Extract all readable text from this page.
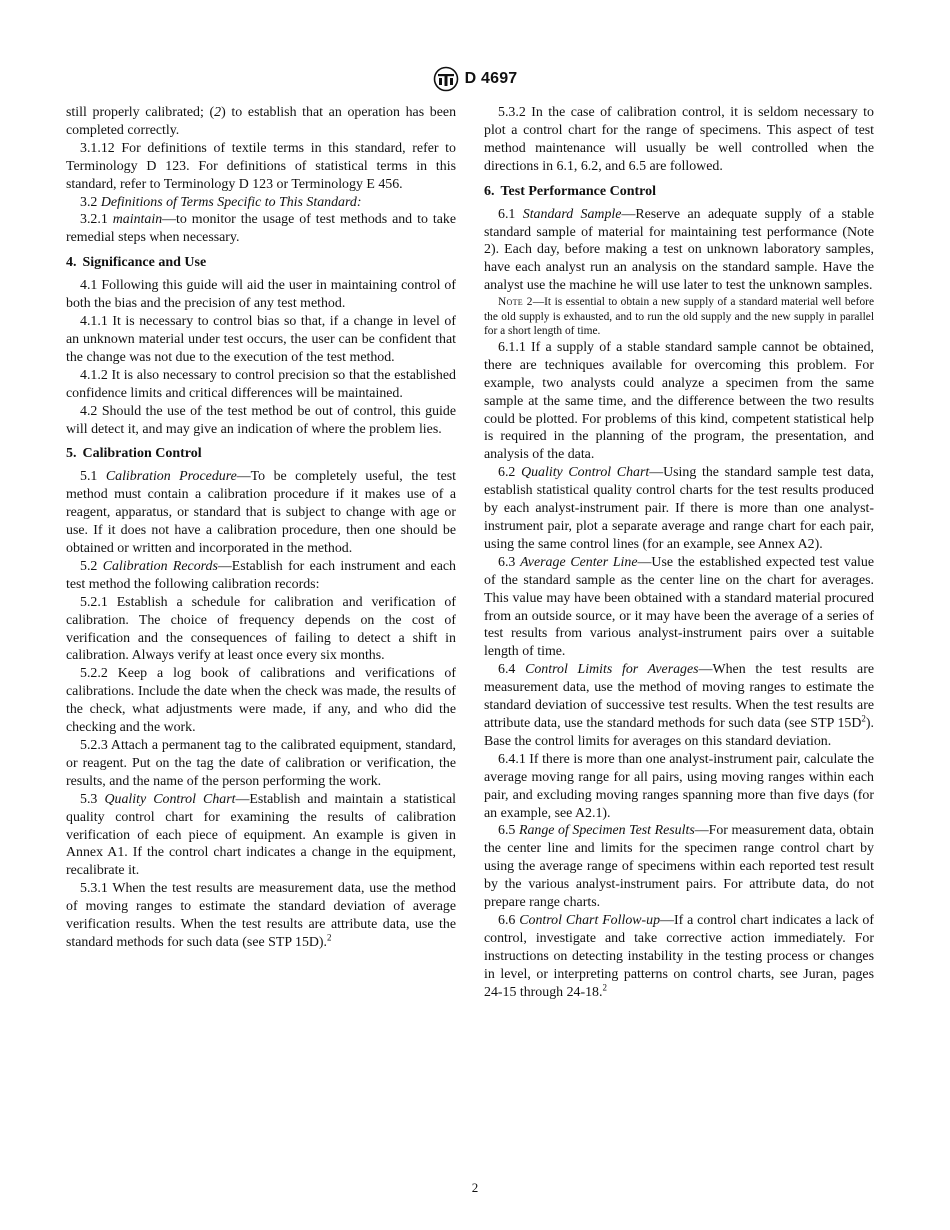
D 4697

still properly calibrated; (2) to establish that an operation has been completed correctly.

3.1.12 For definitions of textile terms in this standard, refer to Terminology D 123. For definitions of statistical terms in this standard, refer to Terminology D 123 or Terminology E 456.

3.2 Definitions of Terms Specific to This Standard:

3.2.1 maintain—to monitor the usage of test methods and to take remedial steps when necessary.

4. Significance and Use

4.1 Following this guide will aid the user in maintaining control of both the bias and the precision of any test method.

4.1.1 It is necessary to control bias so that, if a change in level of an unknown material under test occurs, the user can be confident that the change was not due to the execution of the test method.

4.1.2 It is also necessary to control precision so that the established confidence limits and critical differences will be maintained.

4.2 Should the use of the test method be out of control, this guide will detect it, and may give an indication of where the problem lies.

5. Calibration Control

5.1 Calibration Procedure—To be completely useful, the test method must contain a calibration procedure if it makes use of a reagent, apparatus, or standard that is subject to change with age or use. If it does not have a calibration procedure, then one should be obtained or written and incorporated in the method.

5.2 Calibration Records—Establish for each instrument and each test method the following calibration records:

5.2.1 Establish a schedule for calibration and verification of calibration. The choice of frequency depends on the cost of verification and the consequences of failing to detect a shift in calibration. Always verify at least once every six months.

5.2.2 Keep a log book of calibrations and verifications of calibrations. Include the date when the check was made, the results of the check, what adjustments were made, if any, and who did the checking and the work.

5.2.3 Attach a permanent tag to the calibrated equipment, standard, or reagent. Put on the tag the date of calibration or verification, the results, and the name of the person performing the work.

5.3 Quality Control Chart—Establish and maintain a statistical quality control chart for examining the results of calibration verification of each piece of equipment. An example is given in Annex A1. If the control chart indicates a change in the equipment, recalibrate it.

5.3.1 When the test results are measurement data, use the method of moving ranges to estimate the standard deviation of average verification results. When the test results are attribute data, use the standard methods for such data (see STP 15D).$^2$

5.3.2 In the case of calibration control, it is seldom necessary to plot a control chart for the range of specimens. This aspect of test method maintenance will usually be well controlled when the directions in 6.1, 6.2, and 6.5 are followed.

6. Test Performance Control

6.1 Standard Sample—Reserve an adequate supply of a stable standard sample of material for maintaining test performance (Note 2). Each day, before making a test on unknown laboratory samples, have each analyst run an analysis on the standard sample. Have the analyst use the machine he will use later to test the unknown samples.

Note 2—It is essential to obtain a new supply of a standard material well before the old supply is exhausted, and to run the old supply and the new supply in parallel for a short length of time.

6.1.1 If a supply of a stable standard sample cannot be obtained, there are techniques available for overcoming this problem. For example, two analysts could analyze a specimen from the same sample at the same time, and the difference between the two results could be plotted. For problems of this kind, competent statistical help is required in the planning of the program, the presentation, and analysis of the data.

6.2 Quality Control Chart—Using the standard sample test data, establish statistical quality control charts for the test results produced by each analyst-instrument pair. If there is more than one analyst-instrument pair, plot a separate average and range chart for each pair, using the same control lines (for an example, see Annex A2).

6.3 Average Center Line—Use the established expected test value of the standard sample as the center line on the chart for averages. This value may have been obtained with a standard material procured from an outside source, or it may have been the average of a series of test results from various analyst-instrument pairs over a suitable length of time.

6.4 Control Limits for Averages—When the test results are measurement data, use the method of moving ranges to estimate the standard deviation of successive test results. When the test results are attribute data, use the standard methods for such data (see STP $15D^2$). Base the control limits for averages on this standard deviation.

6.4.1 If there is more than one analyst-instrument pair, calculate the average moving range for all pairs, using moving ranges within each pair, and excluding moving ranges spanning more than five days (for an example, see A2.1).

6.5 Range of Specimen Test Results—For measurement data, obtain the center line and limits for the specimen range control chart by using the average range of specimens within each reported test result by the various analyst-instrument pairs. For attribute data, do not prepare range charts.

6.6 Control Chart Follow-up—If a control chart indicates a lack of control, investigate and take corrective action immediately. For instructions on detecting instability in the testing process or changes in level, or interpreting patterns on control charts, see Juran, pages 24-15 through 24-18.$^2$

2
